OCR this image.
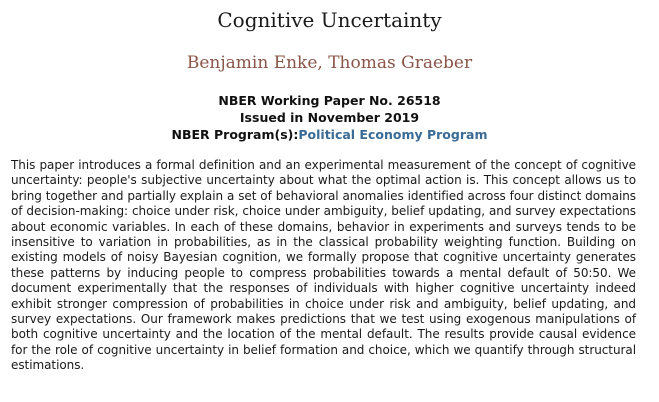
Cognitive Uncertainty
Benjamin Enke, Thomas Graeber
NBER Working Paper No. 26518
Issued in November 2019
NBER Program(s):Political Economy Program

This paper introduces a formal definition and an experimental measurement of the concept of cognitive uncertainty: people's subjective uncertainty about what the optimal action is. This concept allows us to bring together and partially explain a set of behavioral anomalies identified across four distinct domains of decision-making: choice under risk, choice under ambiguity, belief updating, and survey expectations about economic variables. In each of these domains, behavior in experiments and surveys tends to be insensitive to variation in probabilities, as in the classical probability weighting function. Building on existing models of noisy Bayesian cognition, we formally propose that cognitive uncertainty generates these patterns by inducing people to compress probabilities towards a mental default of 50:50. We document experimentally that the responses of individuals with higher cognitive uncertainty indeed exhibit stronger compression of probabilities in choice under risk and ambiguity, belief updating, and survey expectations. Our framework makes predictions that we test using exogenous manipulations of both cognitive uncertainty and the location of the mental default. The results provide causal evidence for the role of cognitive uncertainty in belief formation and choice, which we quantify through structural estimations.
